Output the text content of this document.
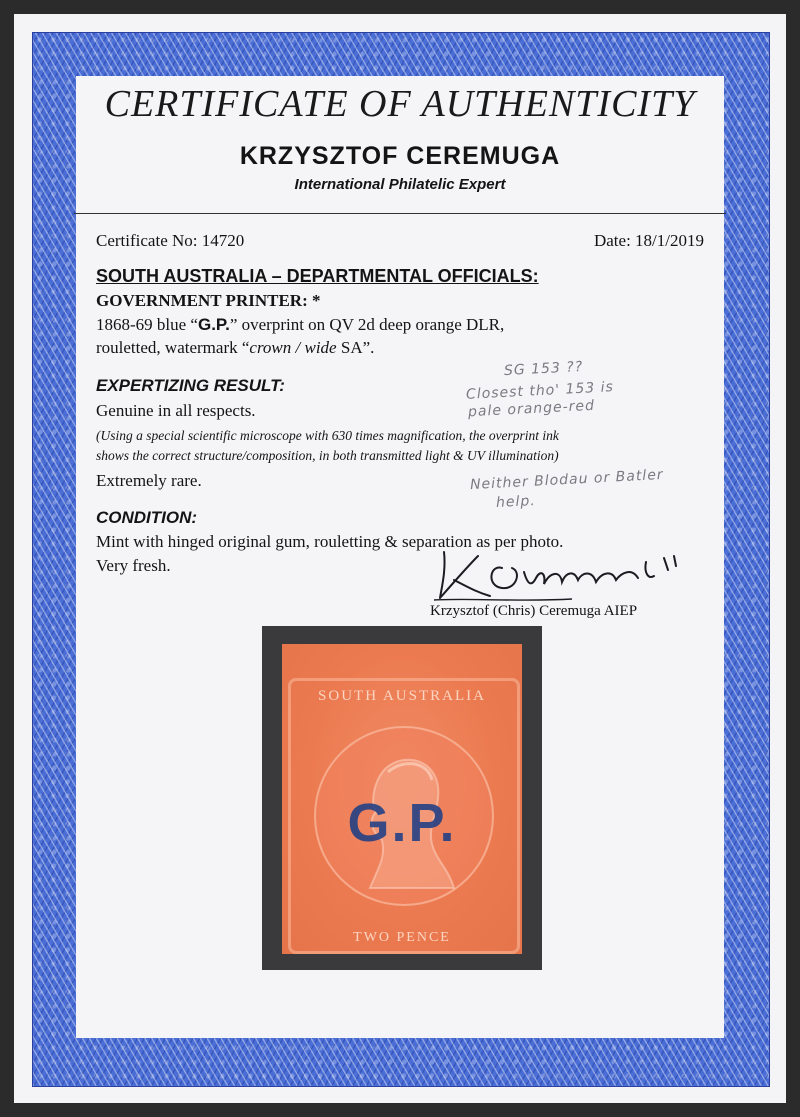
CERTIFICATE OF AUTHENTICITY
KRZYSZTOF CEREMUGA
International Philatelic Expert
Certificate No: 14720	Date: 18/1/2019
SOUTH AUSTRALIA – DEPARTMENTAL OFFICIALS:
GOVERNMENT PRINTER: *
1868-69 blue “G.P.” overprint on QV 2d deep orange DLR,
rouletted, watermark “crown / wide SA”.
EXPERTIZING RESULT:
Genuine in all respects.
(Using a special scientific microscope with 630 times magnification, the overprint ink
shows the correct structure/composition, in both transmitted light & UV illumination)
Extremely rare.
CONDITION:
Mint with hinged original gum, rouletting & separation as per photo.
Very fresh.
SG 153 ??
Closest tho' 153 is
pale orange-red
Neither Blodau or Batler
help.
Krzysztof (Chris) Ceremuga AIEP
SOUTH AUSTRALIA
G.P.
TWO PENCE
